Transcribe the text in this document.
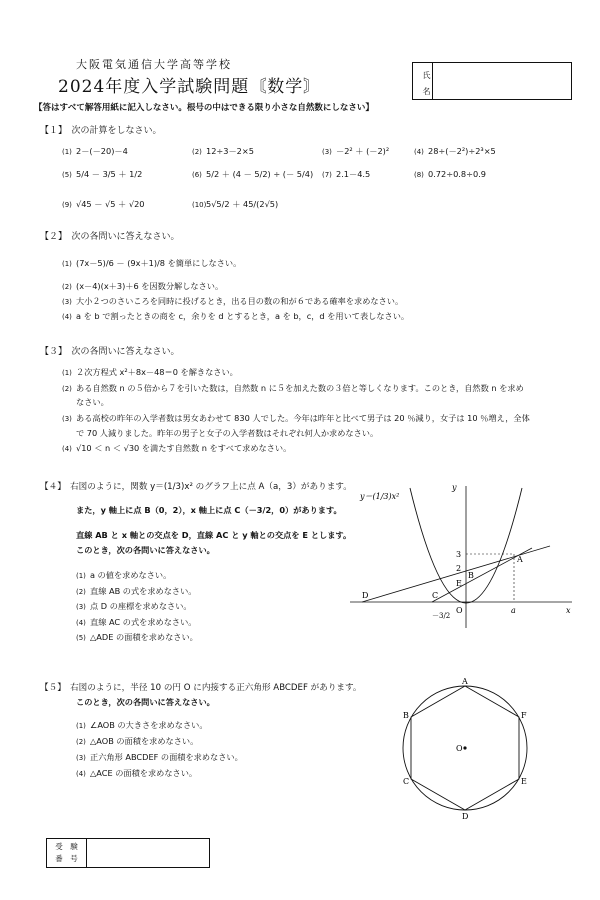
大阪電気通信大学高等学校
2024年度入学試験問題〘数学〙	氏　名
【答はすべて解答用紙に記入しなさい。根号の中はできる限り小さな自然数にしなさい】
【１】　次の計算をしなさい。
(1) 2－(－20)－4	(2) 12÷3－2×5	(3) －2² ＋ (－2)²	(4) 28÷(－2²)÷2³×5
(5) 5/4 － 3/5 ＋ 1/2	(6) 5/2 ＋ (4 － 5/2) ÷ (－ 5/4) (7) 2.1－4.5	(8) 0.72÷0.8÷0.9
(9) √45 － √5 ＋ √20	(10)5√5/2 ＋ 45/(2√5)
【２】　次の各問いに答えなさい。
(1) (7x－5)/6 － (9x＋1)/8 を簡単にしなさい。
(2) (x－4)(x＋3)＋6 を因数分解しなさい。
(3) 大小２つのさいころを同時に投げるとき，出る目の数の和が６である確率を求めなさい。
(4) a を b で割ったときの商を c，余りを d とするとき，a を b，c，d を用いて表しなさい。
【３】　次の各問いに答えなさい。
(1) ２次方程式 x²＋8x－48＝0 を解きなさい。
(2) ある自然数 n の５倍から７を引いた数は，自然数 n に５を加えた数の３倍と等しくなります。このとき，自然数 n を求め
なさい。
(3) ある高校の昨年の入学者数は男女あわせて 830 人でした。今年は昨年と比べて男子は 20 ％減り，女子は 10 ％増え，全体
で 70 人減りました。昨年の男子と女子の入学者数はそれぞれ何人か求めなさい。
(4) √10 ＜ n ＜ √30 を満たす自然数 n をすべて求めなさい。
【４】　右図のように，関数 y＝(1/3)x² のグラフ上に点 A（a，3）があります。
また，y 軸上に点 B（0，2），x 軸上に点 C（－3/2，0）があります。
直線 AB と x 軸との交点を D，直線 AC と y 軸との交点を E とします。
このとき，次の各問いに答えなさい。
(1) a の値を求めなさい。
(2) 直線 AB の式を求めなさい。
(3) 点 D の座標を求めなさい。
(4) 直線 AC の式を求めなさい。
(5) △ADE の面積を求めなさい。
y＝(1/3)x²
y
x
O	a
3
2
A
B
C
D
E
－3/2
【５】　右図のように，半径 10 の円 O に内接する正六角形 ABCDEF があります。
このとき，次の各問いに答えなさい。
(1) ∠AOB の大きさを求めなさい。
(2) △AOB の面積を求めなさい。
(3) 正六角形 ABCDEF の面積を求めなさい。
(4) △ACE の面積を求めなさい。
A
B
C
D
E
F
O
受　験
番　号
